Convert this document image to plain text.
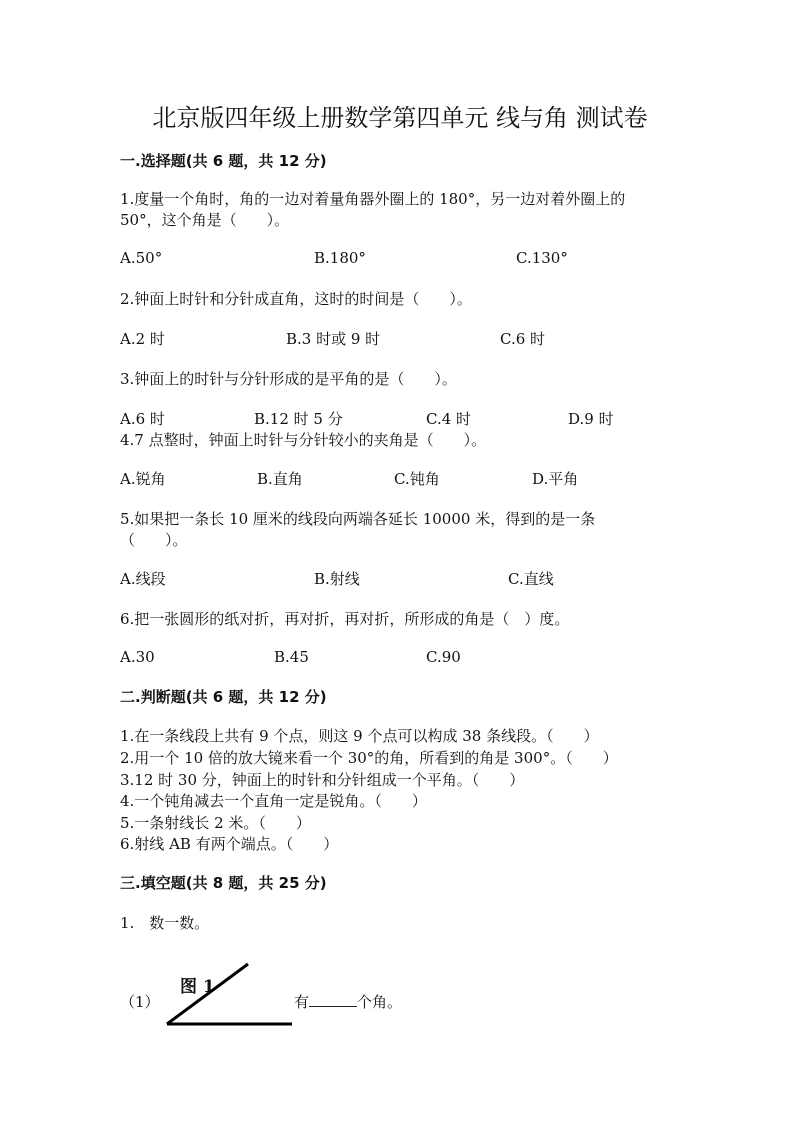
北京版四年级上册数学第四单元 线与角 测试卷
一.选择题(共 6 题，共 12 分)
1.度量一个角时，角的一边对着量角器外圈上的 180°，另一边对着外圈上的
50°，这个角是（　　）。
A.50°	B.180°	C.130°
2.钟面上时针和分针成直角，这时的时间是（　　）。
A.2 时	B.3 时或 9 时	C.6 时
3.钟面上的时针与分针形成的是平角的是（　　）。
A.6 时	B.12 时 5 分	C.4 时	D.9 时
4.7 点整时，钟面上时针与分针较小的夹角是（　　）。
A.锐角	B.直角	C.钝角	D.平角
5.如果把一条长 10 厘米的线段向两端各延长 10000 米，得到的是一条
（　　）。
A.线段	B.射线	C.直线
6.把一张圆形的纸对折，再对折，再对折，所形成的角是（　）度。
A.30	B.45	C.90
二.判断题(共 6 题，共 12 分)
1.在一条线段上共有 9 个点，则这 9 个点可以构成 38 条线段。（　　）
2.用一个 10 倍的放大镜来看一个 30°的角，所看到的角是 300°。（　　）
3.12 时 30 分，钟面上的时针和分针组成一个平角。（　　）
4.一个钝角减去一个直角一定是锐角。（　　）
5.一条射线长 2 米。（　　）
6.射线 AB 有两个端点。（　　）
三.填空题(共 8 题，共 25 分)
1.　数一数。
图 1
（1）	有	个角。
